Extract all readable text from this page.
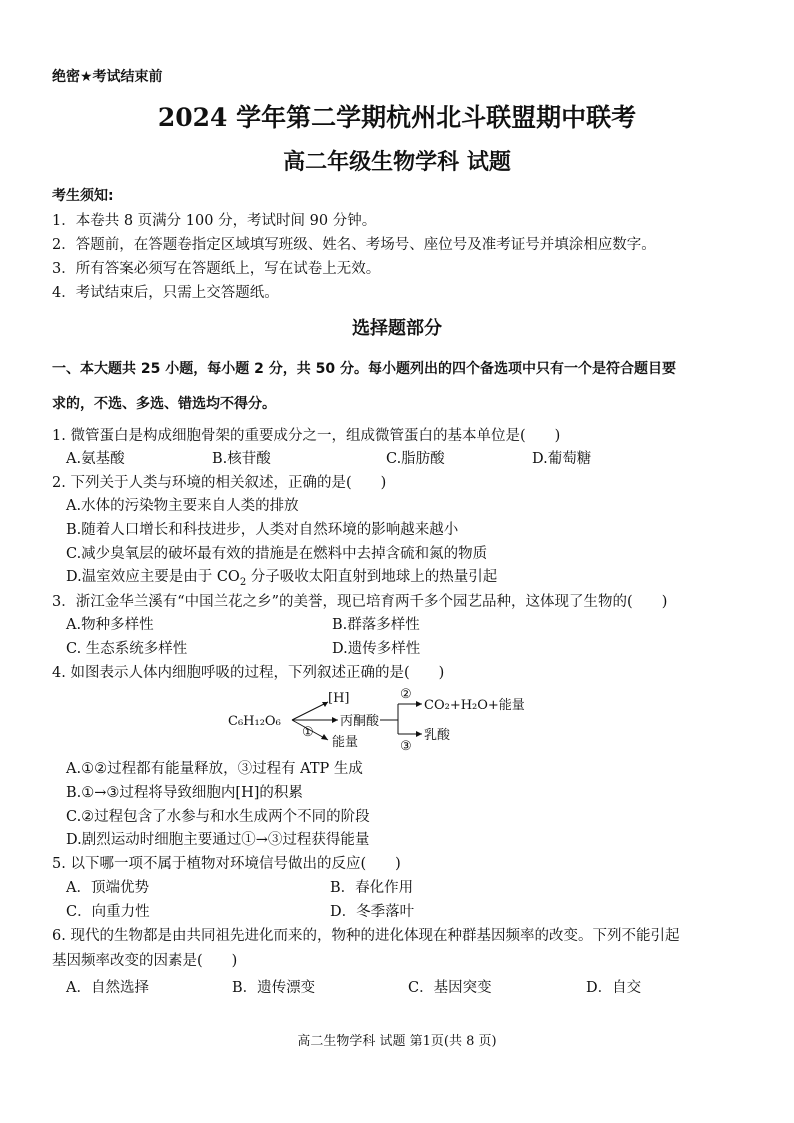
绝密★考试结束前
2024 学年第二学期杭州北斗联盟期中联考
高二年级生物学科 试题
考生须知:
1．本卷共 8 页满分 100 分，考试时间 90 分钟。
2．答题前，在答题卷指定区域填写班级、姓名、考场号、座位号及准考证号并填涂相应数字。
3．所有答案必须写在答题纸上，写在试卷上无效。
4．考试结束后，只需上交答题纸。
选择题部分
一、本大题共 25 小题，每小题 2 分，共 50 分。每小题列出的四个备选项中只有一个是符合题目要
求的，不选、多选、错选均不得分。
1. 微管蛋白是构成细胞骨架的重要成分之一，组成微管蛋白的基本单位是(　　)
A.氨基酸	B.核苷酸	C.脂肪酸	D.葡萄糖
2. 下列关于人类与环境的相关叙述，正确的是(　　)
A.水体的污染物主要来自人类的排放
B.随着人口增长和科技进步，人类对自然环境的影响越来越小
C.减少臭氧层的破坏最有效的措施是在燃料中去掉含硫和氮的物质
D.温室效应主要是由于 $CO_2$ 分子吸收太阳直射到地球上的热量引起
3．浙江金华兰溪有“中国兰花之乡”的美誉，现已培育两千多个园艺品种，这体现了生物的(　　)
A.物种多样性	B.群落多样性
C. 生态系统多样性	D.遗传多样性
4. 如图表示人体内细胞呼吸的过程，下列叙述正确的是(　　)
C₆H₁₂O₆
[H]
丙酮酸
能量
①
②
③
CO₂+H₂O+能量
乳酸
A.①②过程都有能量释放，③过程有 ATP 生成
B.①→③过程将导致细胞内[H]的积累
C.②过程包含了水参与和水生成两个不同的阶段
D.剧烈运动时细胞主要通过①→③过程获得能量
5. 以下哪一项不属于植物对环境信号做出的反应(　　)
A．顶端优势	B．春化作用
C．向重力性	D．冬季落叶
6. 现代的生物都是由共同祖先进化而来的，物种的进化体现在种群基因频率的改变。下列不能引起
基因频率改变的因素是(　　)
A．自然选择	B．遗传漂变	C．基因突变	D．自交
高二生物学科 试题 第1页(共 8 页)
